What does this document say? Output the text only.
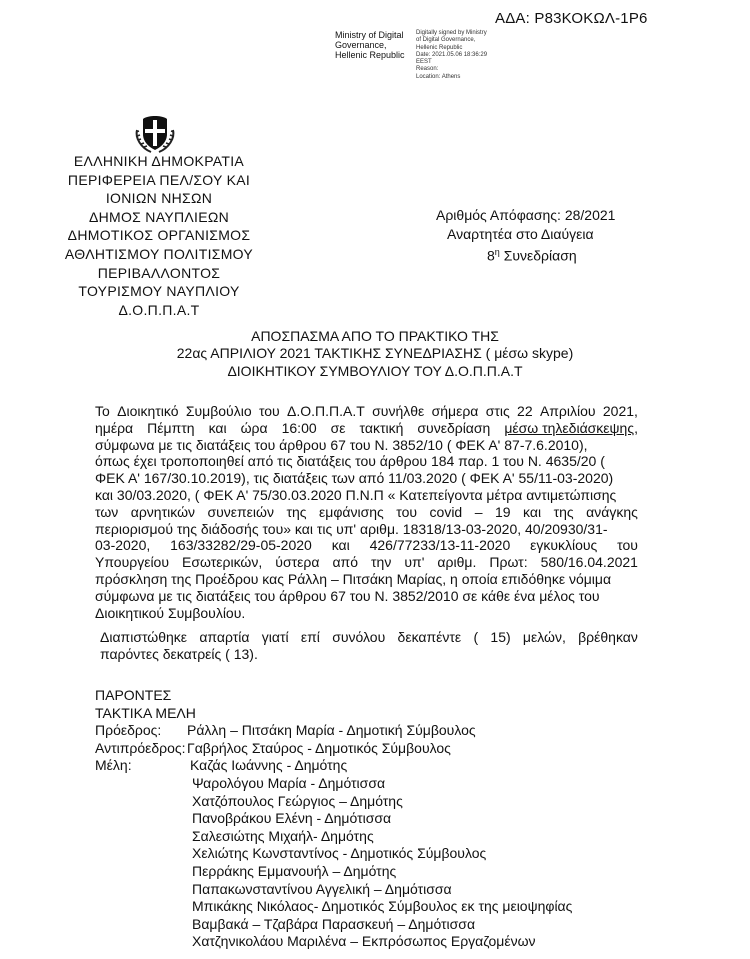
ΑΔΑ: Ρ83ΚΟΚΩΛ-1Ρ6
Ministry of Digital
Governance,
Hellenic Republic
Digitally signed by Ministry
of Digital Governance,
Hellenic Republic
Date: 2021.05.06 18:36:29
EEST
Reason:
Location: Athens
ΕΛΛΗΝΙΚΗ ΔΗΜΟΚΡΑΤΙΑ
ΠΕΡΙΦΕΡΕΙΑ ΠΕΛ/ΣΟΥ ΚΑΙ
ΙΟΝΙΩΝ ΝΗΣΩΝ
ΔΗΜΟΣ ΝΑΥΠΛΙΕΩΝ
ΔΗΜΟΤΙΚΟΣ ΟΡΓΑΝΙΣΜΟΣ
ΑΘΛΗΤΙΣΜΟΥ ΠΟΛΙΤΙΣΜΟΥ
ΠΕΡΙΒΑΛΛΟΝΤΟΣ
ΤΟΥΡΙΣΜΟΥ ΝΑΥΠΛΙΟΥ
Δ.Ο.Π.Π.Α.Τ
Αριθμός Απόφασης: 28/2021
Αναρτητέα στο Διαύγεια
$8^\eta$ Συνεδρίαση
ΑΠΟΣΠΑΣΜΑ ΑΠΟ ΤΟ ΠΡΑΚΤΙΚΟ ΤΗΣ
22ας ΑΠΡΙΛΙΟΥ 2021 ΤΑΚΤΙΚΗΣ ΣΥΝΕΔΡΙΑΣΗΣ ( μέσω skype)
ΔΙΟΙΚΗΤΙΚΟΥ ΣΥΜΒΟΥΛΙΟΥ ΤΟΥ Δ.Ο.Π.Π.Α.Τ
Το Διοικητικό Συμβούλιο του Δ.Ο.Π.Π.Α.Τ συνήλθε σήμερα στις 22 Απριλίου 2021,
ημέρα Πέμπτη και ώρα 16:00 σε τακτική συνεδρίαση μέσω τηλεδιάσκεψης,
σύμφωνα με τις διατάξεις του άρθρου 67 του Ν. 3852/10 ( ΦΕΚ Α' 87-7.6.2010),
όπως έχει τροποποιηθεί από τις διατάξεις του άρθρου 184 παρ. 1 του Ν. 4635/20 (
ΦΕΚ Α' 167/30.10.2019), τις διατάξεις των από 11/03.2020 ( ΦΕΚ Α' 55/11-03-2020)
και 30/03.2020, ( ΦΕΚ Α' 75/30.03.2020 Π.Ν.Π « Κατεπείγοντα μέτρα αντιμετώπισης
των αρνητικών συνεπειών της εμφάνισης του covid – 19 και της ανάγκης
περιορισμού της διάδοσής του» και τις υπ' αριθμ. 18318/13-03-2020, 40/20930/31-
03-2020, 163/33282/29-05-2020 και 426/77233/13-11-2020 εγκυκλίους του
Υπουργείου Εσωτερικών, ύστερα από την υπ' αριθμ. Πρωτ: 580/16.04.2021
πρόσκληση της Προέδρου κας Ράλλη – Πιτσάκη Μαρίας, η οποία επιδόθηκε νόμιμα
σύμφωνα με τις διατάξεις του άρθρου 67 του Ν. 3852/2010 σε κάθε ένα μέλος του
Διοικητικού Συμβουλίου.
Διαπιστώθηκε απαρτία γιατί επί συνόλου δεκαπέντε ( 15) μελών, βρέθηκαν
παρόντες δεκατρείς ( 13).
ΠΑΡΟΝΤΕΣ
ΤΑΚΤΙΚΑ ΜΕΛΗ
Πρόεδρος: Ράλλη – Πιτσάκη Μαρία - Δημοτική Σύμβουλος
Αντιπρόεδρος: Γαβρήλος Σταύρος - Δημοτικός Σύμβουλος
Μέλη:	Καζάς Ιωάννης - Δημότης
Ψαρολόγου Μαρία - Δημότισσα
Χατζόπουλος Γεώργιος – Δημότης
Πανοβράκου Ελένη - Δημότισσα
Σαλεσιώτης Μιχαήλ- Δημότης
Χελιώτης Κωνσταντίνος - Δημοτικός Σύμβουλος
Περράκης Εμμανουήλ – Δημότης
Παπακωνσταντίνου Αγγελική – Δημότισσα
Μπικάκης Νικόλαος- Δημοτικός Σύμβουλος εκ της μειοψηφίας
Βαμβακά – Τζαβάρα Παρασκευή – Δημότισσα
Χατζηνικολάου Μαριλένα – Εκπρόσωπος Εργαζομένων
